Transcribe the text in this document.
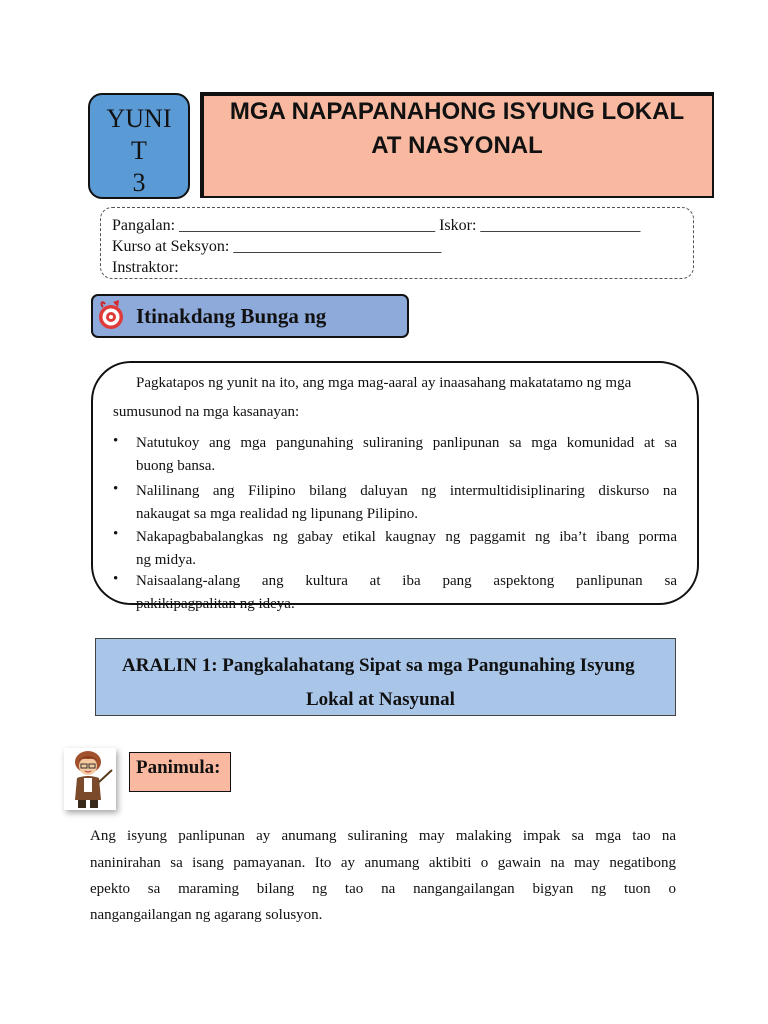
YUNI
T
3
MGA NAPAPANAHONG ISYUNG LOKAL
AT NASYONAL
Pangalan: ________________________________ Iskor: ____________________
Kurso at Seksyon: __________________________
Instraktor:
Itinakdang Bunga ng
Pagkatapos ng yunit na ito, ang mga mag-aaral ay inaasahang makatatamo ng mga
sumusunod na mga kasanayan:
• Natutukoy ang mga pangunahing suliraning panlipunan sa mga komunidad at sa
buong bansa.
• Nalilinang ang Filipino bilang daluyan ng intermultidisiplinaring diskurso na
nakaugat sa mga realidad ng lipunang Pilipino.
• Nakapagbabalangkas ng gabay etikal kaugnay ng paggamit ng iba’t ibang porma
ng midya.
• Naisaalang-alang ang kultura at iba pang aspektong panlipunan sa
pakikipagpalitan ng ideya.
ARALIN 1: Pangkalahatang Sipat sa mga Pangunahing Isyung
Lokal at Nasyunal
Panimula:
Ang isyung panlipunan ay anumang suliraning may malaking impak sa mga tao na
naninirahan sa isang pamayanan. Ito ay anumang aktibiti o gawain na may negatibong
epekto sa maraming bilang ng tao na nangangailangan bigyan ng tuon o
nangangailangan ng agarang solusyon.
